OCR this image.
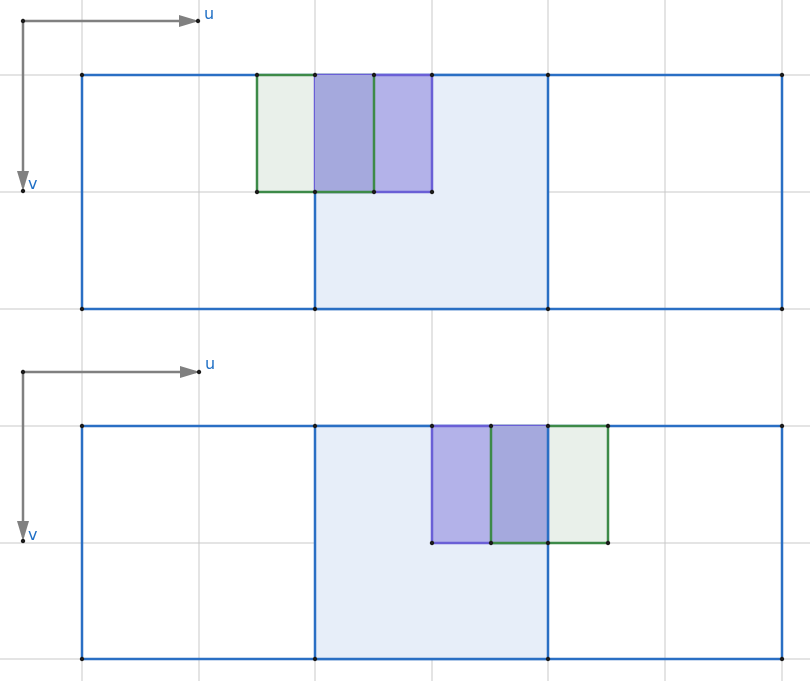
u
v
u
v
